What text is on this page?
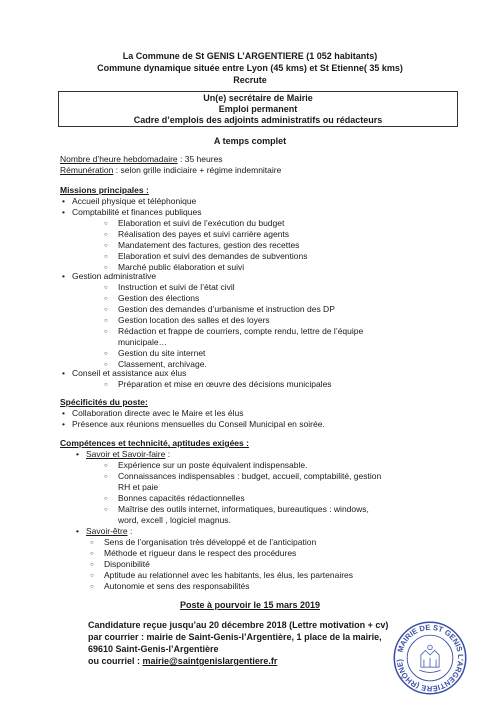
La Commune de St GENIS L’ARGENTIERE (1 052 habitants)
Commune dynamique située entre Lyon (45 kms) et St Etienne( 35 kms)
Recrute
Un(e) secrétaire de Mairie
Emploi permanent
Cadre d’emplois des adjoints administratifs ou rédacteurs
A temps complet
Nombre d’heure hebdomadaire : 35 heures
Rémunération : selon grille indiciaire + régime indemnitaire
Missions principales :
• Accueil physique et téléphonique
• Comptabilité et finances publiques
○ Elaboration et suivi de l’exécution du budget
○ Réalisation des payes et suivi carrière agents
○ Mandatement des factures, gestion des recettes
○ Elaboration et suivi des demandes de subventions
○ Marché public élaboration et suivi
• Gestion administrative
○ Instruction et suivi de l’état civil
○ Gestion des élections
○ Gestion des demandes d’urbanisme et instruction des DP
○ Gestion location des salles et des loyers
○ Rédaction et frappe de courriers, compte rendu, lettre de l’équipe
municipale…
○ Gestion du site internet
○ Classement, archivage.
• Conseil et assistance aux élus
○ Préparation et mise en œuvre des décisions municipales
Spécificités du poste:
• Collaboration directe avec le Maire et les élus
• Présence aux réunions mensuelles du Conseil Municipal en soirée.
Compétences et technicité, aptitudes exigées :
• Savoir et Savoir-faire :
○ Expérience sur un poste équivalent indispensable.
○ Connaissances indispensables : budget, accueil, comptabilité, gestion
RH et paie
○ Bonnes capacités rédactionnelles
○ Maîtrise des outils internet, informatiques, bureautiques : windows,
word, excell , logiciel magnus.
• Savoir-être :
○ Sens de l’organisation très développé et de l’anticipation
○ Méthode et rigueur dans le respect des procédures
○ Disponibilité
○ Aptitude au relationnel avec les habitants, les élus, les partenaires
○ Autonomie et sens des responsabilités
Poste à pourvoir le 15 mars 2019
Candidature reçue jusqu’au 20 décembre 2018 (Lettre motivation + cv)
par courrier : mairie de Saint-Genis-l’Argentière, 1 place de la mairie,
69610 Saint-Genis-l’Argentière
ou courriel : mairie@saintgenislargentiere.fr
MAIRIE DE ST GENIS L'ARGENTIÈRE (RHÔNE)
